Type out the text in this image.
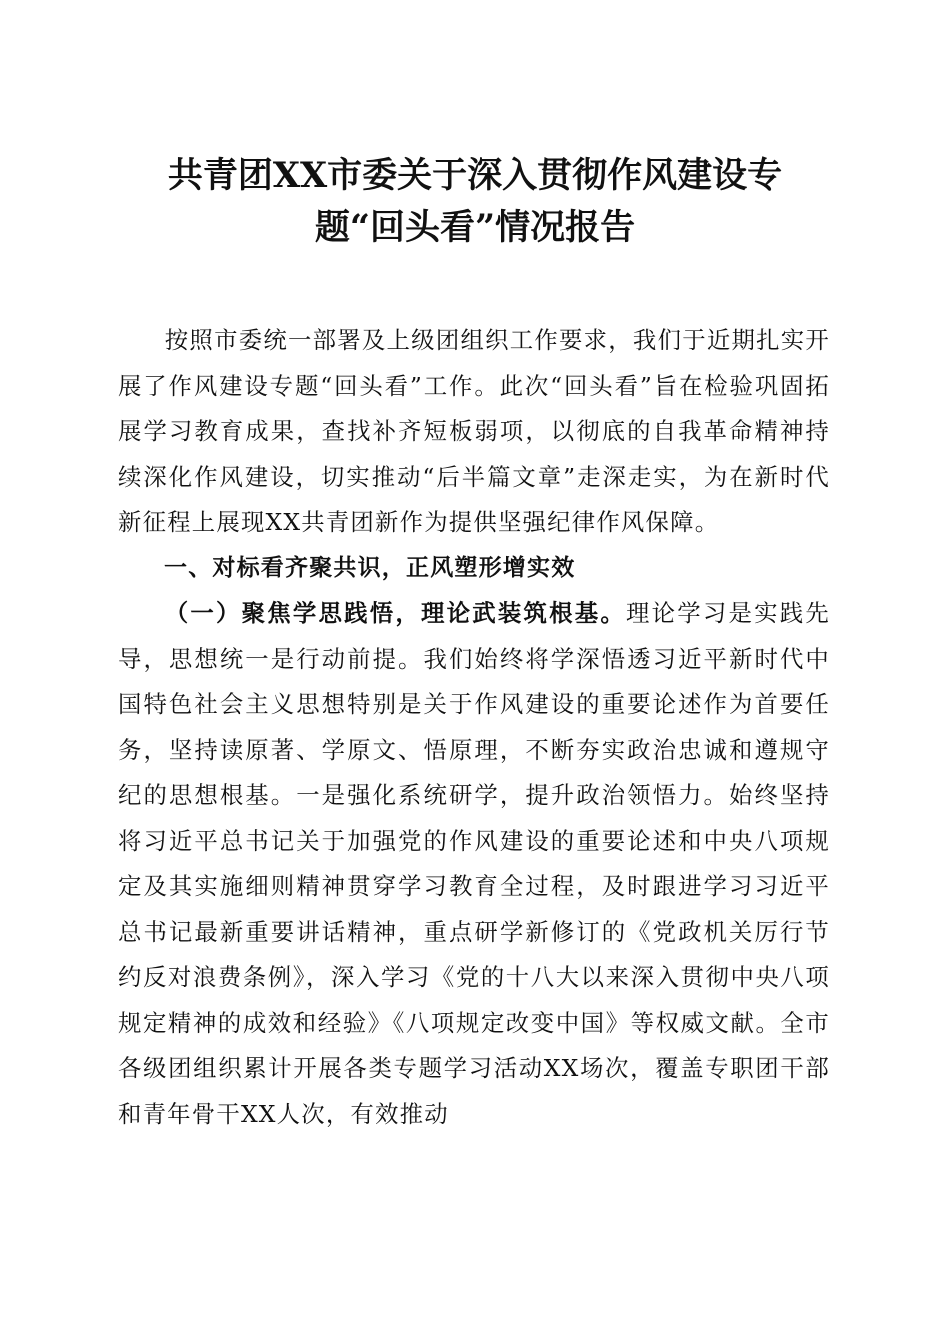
共青团XX市委关于深入贯彻作风建设专
题“回头看”情况报告

按照市委统一部署及上级团组织工作要求，我们于近期扎实开展了作风建设专题“回头看”工作。此次“回头看”旨在检验巩固拓展学习教育成果，查找补齐短板弱项，以彻底的自我革命精神持续深化作风建设，切实推动“后半篇文章”走深走实，为在新时代新征程上展现XX共青团新作为提供坚强纪律作风保障。

一、对标看齐聚共识，正风塑形增实效

（一）聚焦学思践悟，理论武装筑根基。理论学习是实践先导，思想统一是行动前提。我们始终将学深悟透习近平新时代中国特色社会主义思想特别是关于作风建设的重要论述作为首要任务，坚持读原著、学原文、悟原理，不断夯实政治忠诚和遵规守纪的思想根基。一是强化系统研学，提升政治领悟力。始终坚持将习近平总书记关于加强党的作风建设的重要论述和中央八项规定及其实施细则精神贯穿学习教育全过程，及时跟进学习习近平总书记最新重要讲话精神，重点研学新修订的《党政机关厉行节约反对浪费条例》，深入学习《党的十八大以来深入贯彻中央八项规定精神的成效和经验》《八项规定改变中国》等权威文献。全市各级团组织累计开展各类专题学习活动XX场次，覆盖专职团干部和青年骨干XX人次，有效推动
